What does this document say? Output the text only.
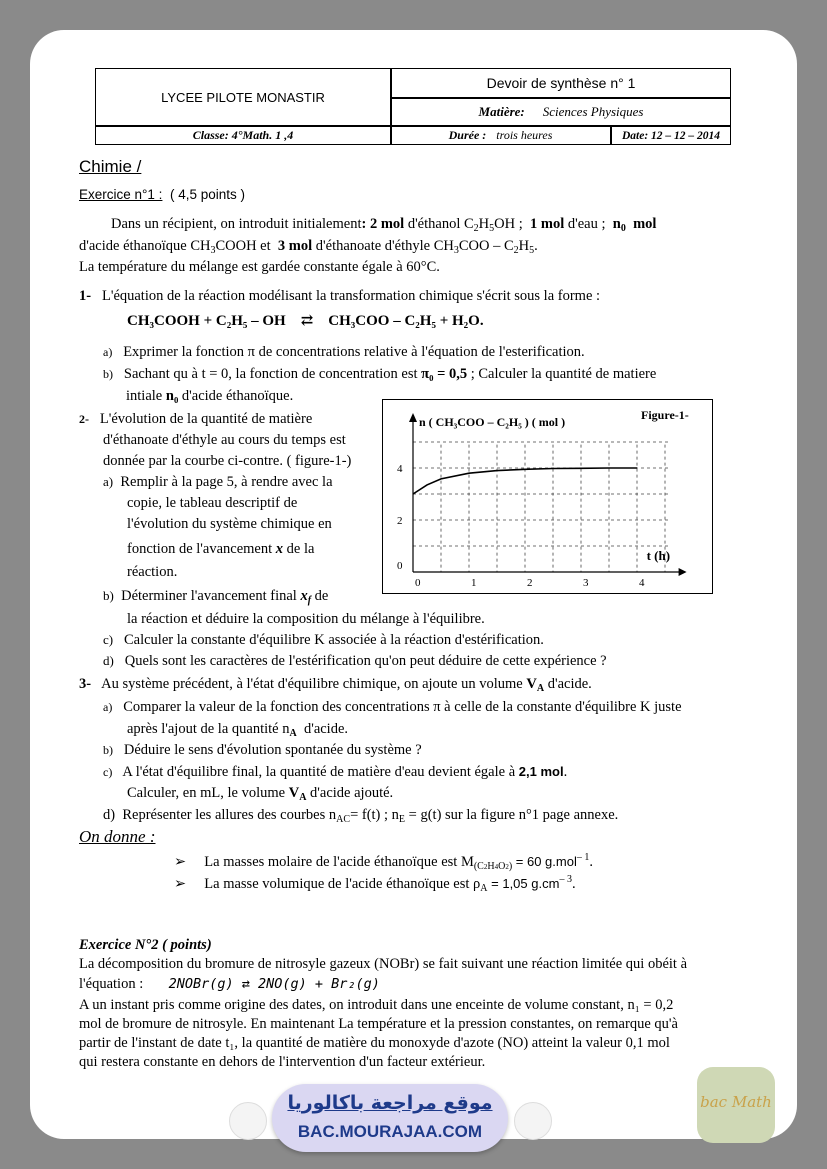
LYCEE PILOTE MONASTIR
Devoir de synthèse n° 1
Matière: Sciences Physiques
Classe: 4°Math. 1 ,4	Durée : trois heures	Date: 12 – 12 – 2014
Chimie /
Exercice n°1 : ( 4,5 points )
Dans un récipient, on introduit initialement: 2 mol d'éthanol $C_2H_5OH$ ; 1 mol d'eau ; $n_0$ mol
d'acide éthanoïque $CH_3COOH$ et 3 mol d'éthanoate d'éthyle $CH_3COO - C_2H_5$.
La température du mélange est gardée constante égale à 60°C.
1- L'équation de la réaction modélisant la transformation chimique s'écrit sous la forme :
CH₃COOH + C₂H₅ – OH ⇄ CH₃COO – C₂H₅ + H₂O.
a) Exprimer la fonction π de concentrations relative à l'équation de l'esterification.
b) Sachant qu à t = 0, la fonction de concentration est π₀ = 0,5 ; Calculer la quantité de matiere
intiale n₀ d'acide éthanoïque.
2- L'évolution de la quantité de matière
d'éthanoate d'éthyle au cours du temps est
donnée par la courbe ci-contre. ( figure-1-)
a) Remplir à la page 5, à rendre avec la
copie, le tableau descriptif de
l'évolution du système chimique en
fonction de l'avancement x de la
réaction.
b) Déterminer l'avancement final $x_f$ de
la réaction et déduire la composition du mélange à l'équilibre.
c) Calculer la constante d'équilibre K associée à la réaction d'estérification.
d) Quels sont les caractères de l'estérification qu'on peut déduire de cette expérience ?
3- Au système précédent, à l'état d'équilibre chimique, on ajoute un volume $V_A$ d'acide.
a) Comparer la valeur de la fonction des concentrations π à celle de la constante d'équilibre K juste
après l'ajout de la quantité $n_A$ d'acide.
b) Déduire le sens d'évolution spontanée du système ?
c) A l'état d'équilibre final, la quantité de matière d'eau devient égale à 2,1 mol.
Calculer, en mL, le volume $V_A$ d'acide ajouté.
d)  Représenter les allures des courbes $n_{AC}= f(t)$ ; $n_E = g(t)$ sur la figure n°1 page annexe.
On donne :
➢     La masses molaire de l'acide éthanoïque est $M_{(C2H4O2)} = 60$ g.mol$^{- 1}$.
➢     La masse volumique de l'acide éthanoïque est $\rho_A = 1,05$ $g.cm^{- 3}$.
0	1	2	3	4
0
2
4
n ( CH₃COO – C₂H₅ ) ( mol )
t (h)
Figure-1-
Exercice N°2 ( points)
La décomposition du bromure de nitrosyle gazeux (NOBr) se fait suivant une réaction limitée qui obéit à
l'équation : 2NOBr(g) ⇄ 2NO(g) + Br₂(g)
A un instant pris comme origine des dates, on introduit dans une enceinte de volume constant, n₁ = 0,2
mol de bromure de nitrosyle. En maintenant La température et la pression constantes, on remarque qu'à
partir de l'instant de date t₁, la quantité de matière du monoxyde d'azote (NO) atteint la valeur 0,1 mol
qui restera constante en dehors de l'intervention d'un facteur extérieur.
موقع مراجعة باكالوريا
BAC.MOURAJAA.COM
bac Math
